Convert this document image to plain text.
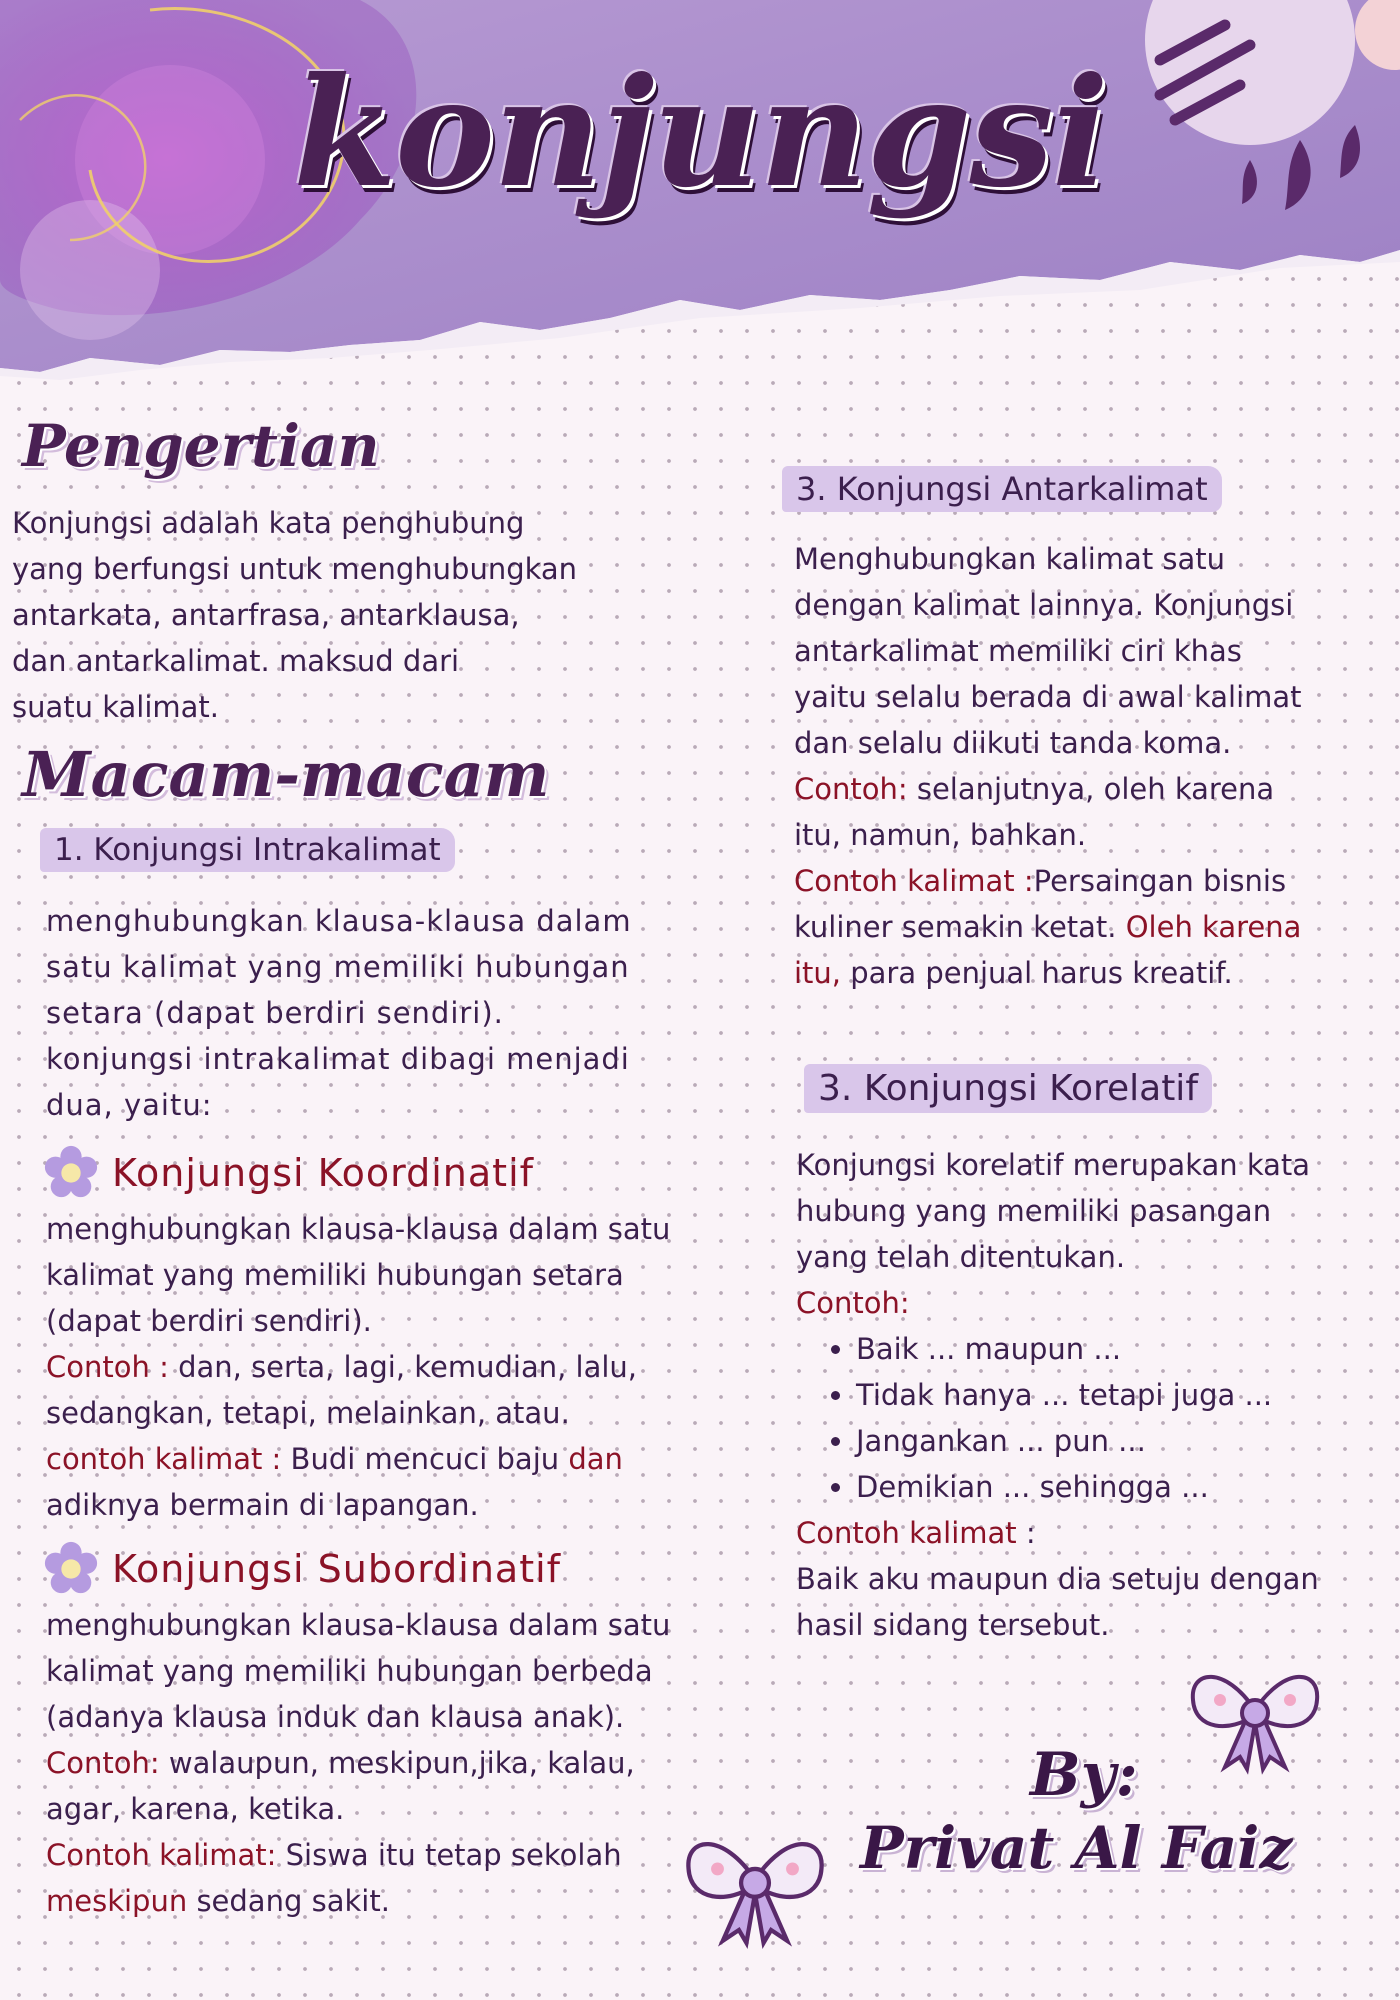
konjungsi
Pengertian

Konjungsi adalah kata penghubung

yang berfungsi untuk menghubungkan

antarkata, antarfrasa, antarklausa,

dan antarkalimat. maksud dari

suatu kalimat.

Macam-macam
1. Konjungsi Intrakalimat

menghubungkan klausa-klausa dalam

satu kalimat yang memiliki hubungan

setara (dapat berdiri sendiri).

konjungsi intrakalimat dibagi menjadi

dua, yaitu:

Konjungsi Koordinatif

menghubungkan klausa-klausa dalam satu

kalimat yang memiliki hubungan setara

(dapat berdiri sendiri).

Contoh : dan, serta, lagi, kemudian, lalu,

sedangkan, tetapi, melainkan, atau.

contoh kalimat : Budi mencuci baju dan

adiknya bermain di lapangan.

Konjungsi Subordinatif

menghubungkan klausa-klausa dalam satu

kalimat yang memiliki hubungan berbeda

(adanya klausa induk dan klausa anak).

Contoh: walaupun, meskipun,jika, kalau,

agar, karena, ketika.

Contoh kalimat: Siswa itu tetap sekolah

meskipun sedang sakit.

3. Konjungsi Antarkalimat

Menghubungkan kalimat satu

dengan kalimat lainnya. Konjungsi

antarkalimat memiliki ciri khas

yaitu selalu berada di awal kalimat

dan selalu diikuti tanda koma.

Contoh: selanjutnya, oleh karena

itu, namun, bahkan.

Contoh kalimat :Persaingan bisnis

kuliner semakin ketat. Oleh karena

itu, para penjual harus kreatif.

3. Konjungsi Korelatif

Konjungsi korelatif merupakan kata

hubung yang memiliki pasangan

yang telah ditentukan.

Contoh:

• Baik ... maupun ...
• Tidak hanya ... tetapi juga ...
• Jangankan ... pun ...
• Demikian ... sehingga ...

Contoh kalimat :

Baik aku maupun dia setuju dengan

hasil sidang tersebut.

By:
Privat Al Faiz
